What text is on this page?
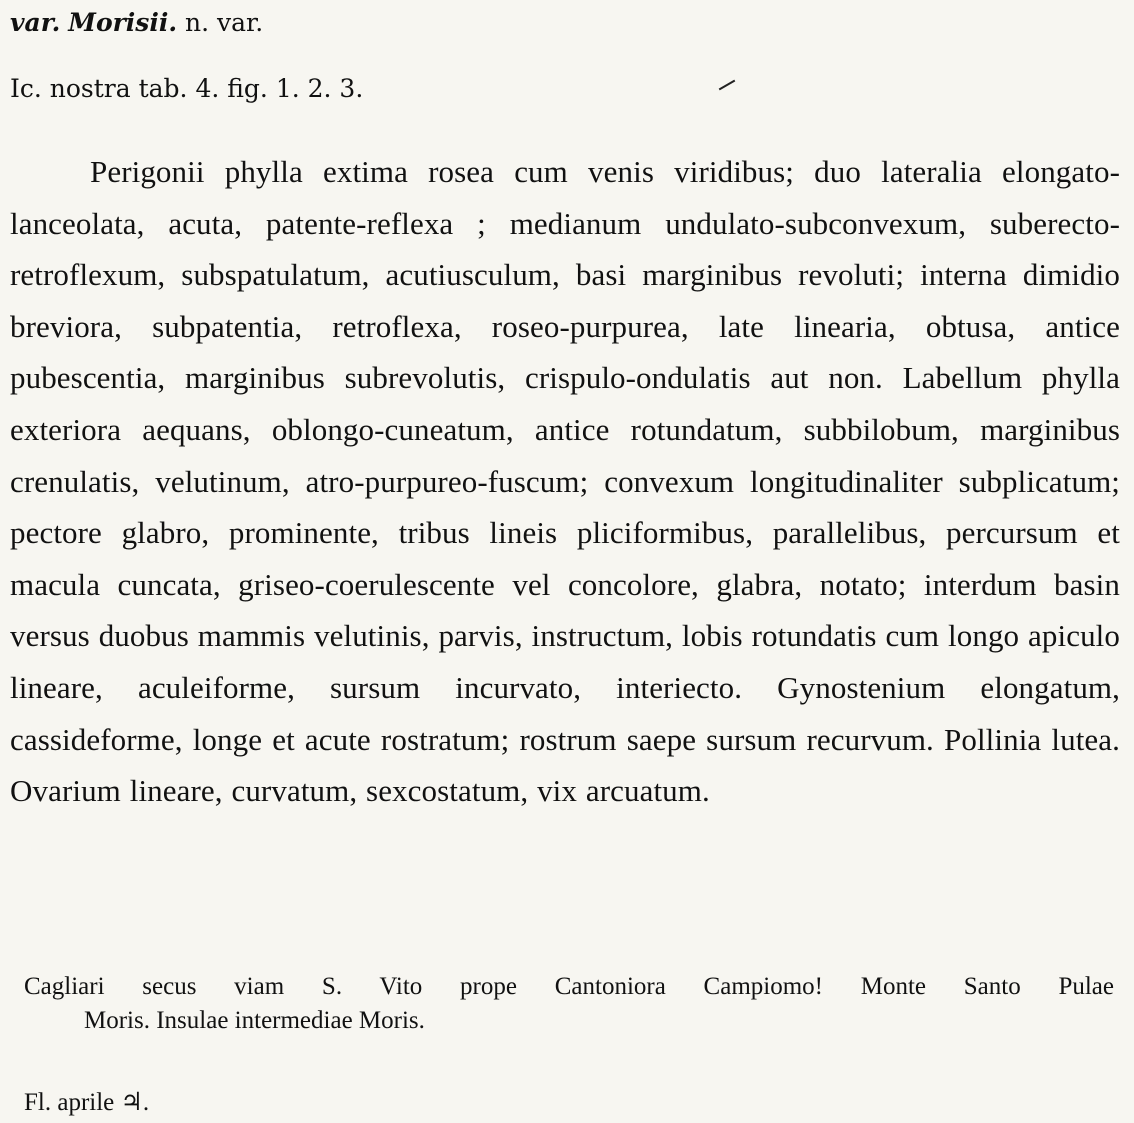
var. Morisii. n. var.
Ic. nostra tab. 4. fig. 1. 2. 3.
Perigonii phylla extima rosea cum venis viridibus; duo lateralia elongato-lanceolata, acuta, patente-reflexa ; medianum undulato-subconvexum, suberecto-retroflexum, subspatulatum, acutiusculum, basi marginibus revoluti; interna dimidio breviora, subpatentia, retroflexa, roseo-purpurea, late linearia, obtusa, antice pubescentia, marginibus subrevolutis, crispulo-ondulatis aut non. Labellum phylla exteriora aequans, oblongo-cuneatum, antice rotundatum, subbilobum, marginibus crenulatis, velutinum, atro-purpureo-fuscum; convexum longitudinaliter subplicatum; pectore glabro, prominente, tribus lineis pliciformibus, parallelibus, percursum et macula cuncata, griseo-coerulescente vel concolore, glabra, notato; interdum basin versus duobus mammis velutinis, parvis, instructum, lobis rotundatis cum longo apiculo lineare, aculeiforme, sursum incurvato, interiecto. Gynostenium elongatum, cassideforme, longe et acute rostratum; rostrum saepe sursum recurvum. Pollinia lutea. Ovarium lineare, curvatum, sexcostatum, vix arcuatum.
Cagliari secus viam S. Vito prope Cantoniora Campiomo! Monte Santo Pulae
Moris. Insulae intermediae Moris.
Fl. aprile ♃.
